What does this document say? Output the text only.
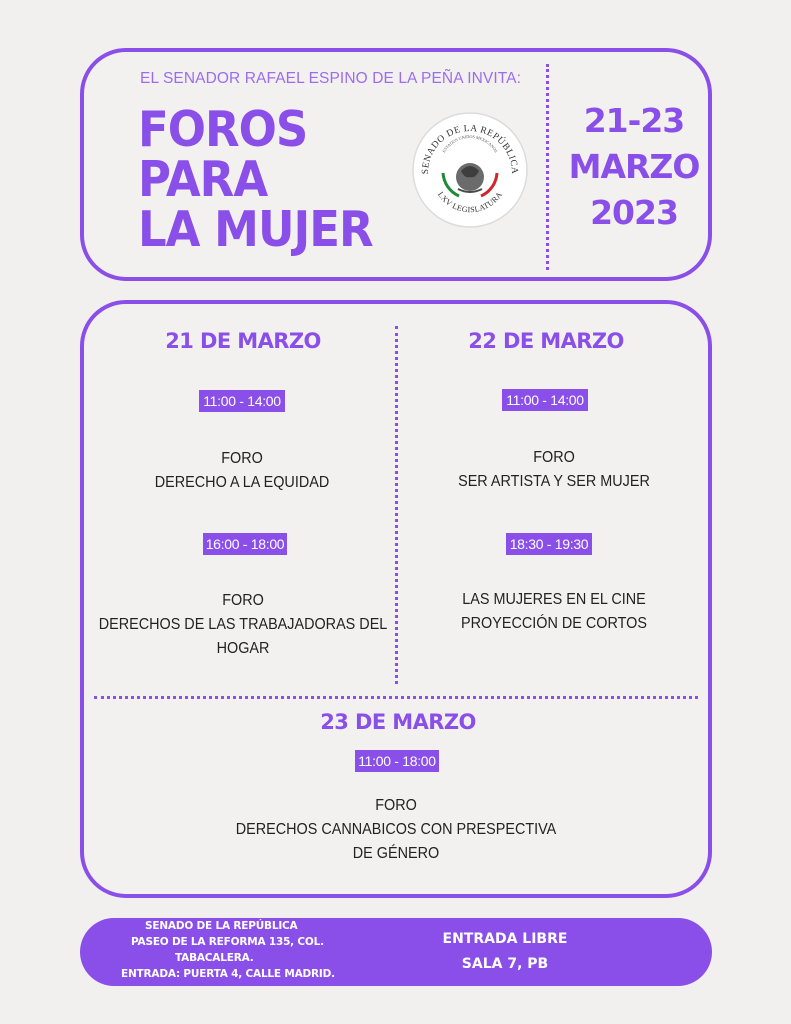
EL SENADOR RAFAEL ESPINO DE LA PEÑA INVITA:
FOROS
PARA
LA MUJER
SENADO DE LA REPÚBLICA
LXV LEGISLATURA
ESTADOS UNIDOS MEXICANOS
21-23
MARZO
2023
21 DE MARZO
11:00 - 14:00
FORO
DERECHO A LA EQUIDAD
16:00 - 18:00
FORO
DERECHOS DE LAS TRABAJADORAS DEL
HOGAR
22 DE MARZO
11:00 - 14:00
FORO
SER ARTISTA Y SER MUJER
18:30 - 19:30
LAS MUJERES EN EL CINE
PROYECCIÓN DE CORTOS
23 DE MARZO
11:00 - 18:00
FORO
DERECHOS CANNABICOS CON PRESPECTIVA
DE GÉNERO
SENADO DE LA REPÚBLICA
PASEO DE LA REFORMA 135, COL.
TABACALERA.
ENTRADA: PUERTA 4, CALLE MADRID.
ENTRADA LIBRE
SALA 7, PB
